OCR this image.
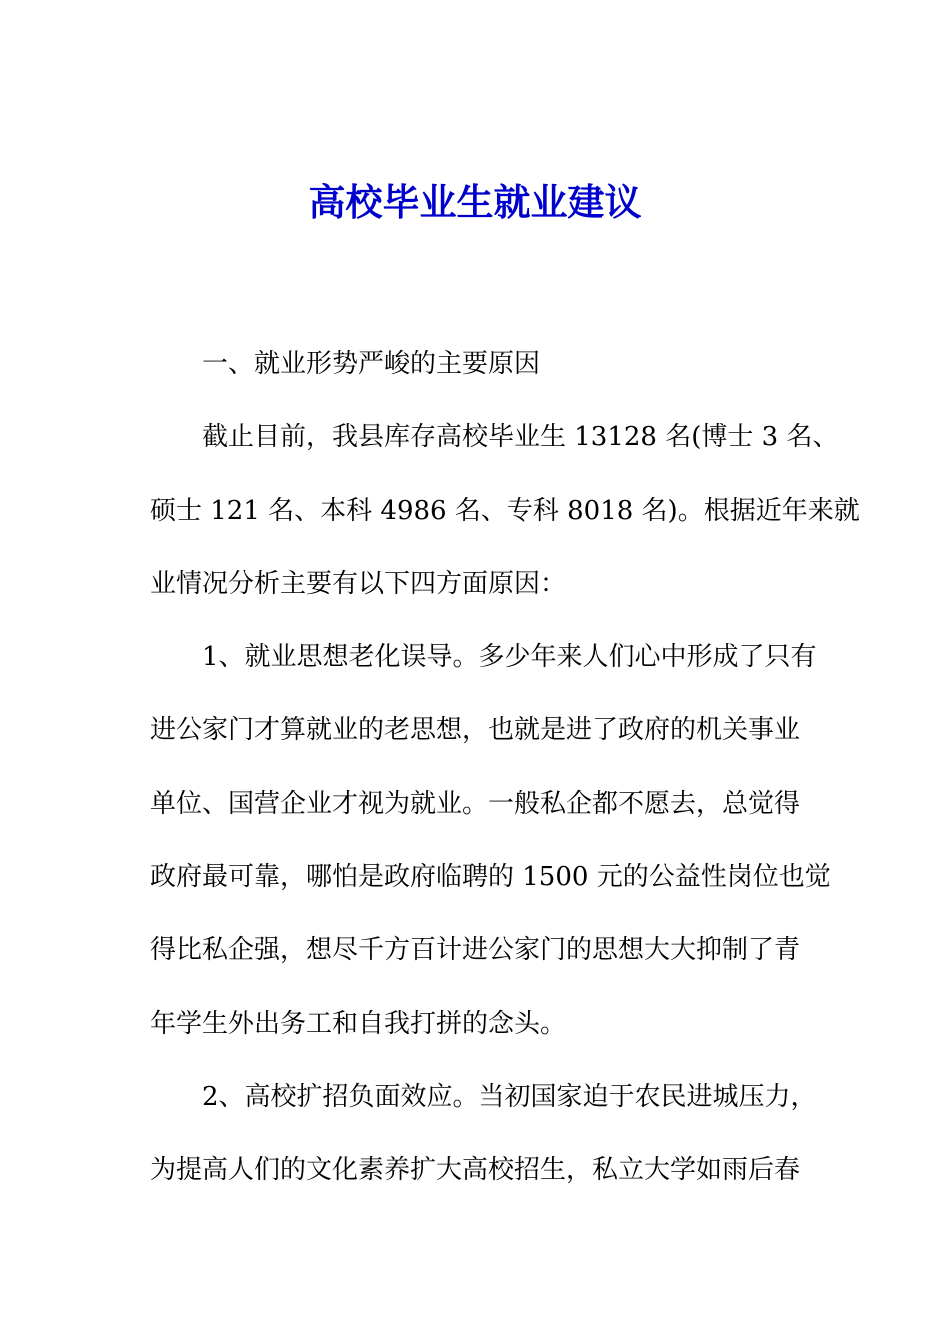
高校毕业生就业建议
一、就业形势严峻的主要原因
截止目前，我县库存高校毕业生 13128 名(博士 3 名、
硕士 121 名、本科 4986 名、专科 8018 名)。根据近年来就
业情况分析主要有以下四方面原因：
1、就业思想老化误导。多少年来人们心中形成了只有
进公家门才算就业的老思想，也就是进了政府的机关事业
单位、国营企业才视为就业。一般私企都不愿去，总觉得
政府最可靠，哪怕是政府临聘的 1500 元的公益性岗位也觉
得比私企强，想尽千方百计进公家门的思想大大抑制了青
年学生外出务工和自我打拼的念头。
2、高校扩招负面效应。当初国家迫于农民进城压力，
为提高人们的文化素养扩大高校招生，私立大学如雨后春
